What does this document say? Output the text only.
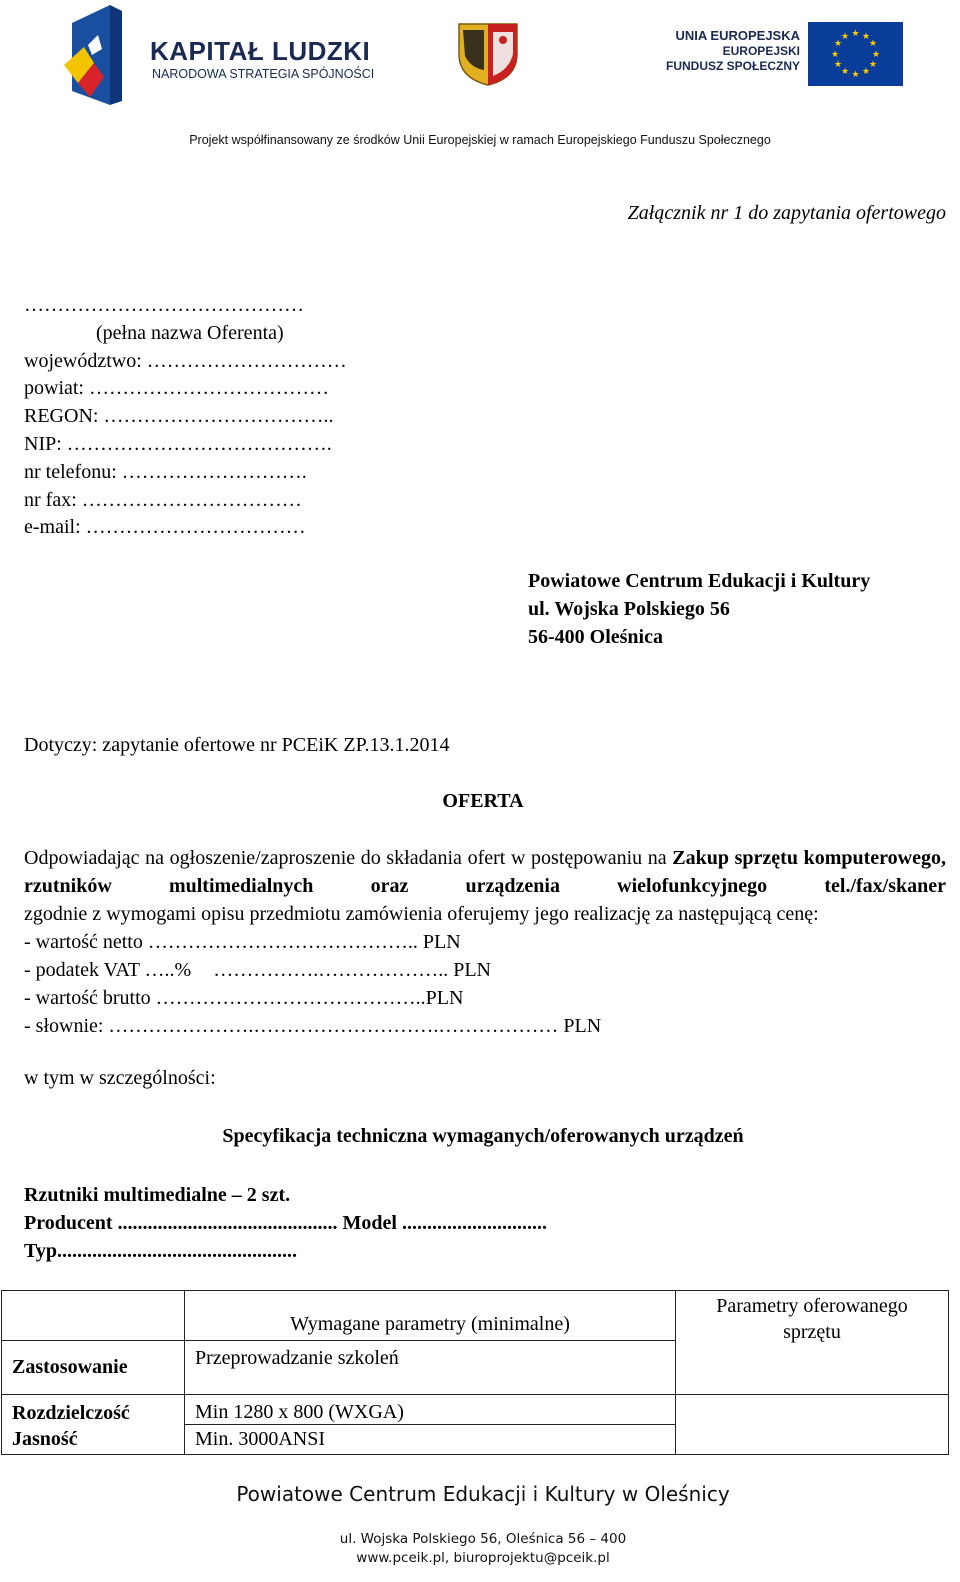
KAPITAŁ LUDZKI
NARODOWA STRATEGIA SPÓJNOŚCI
UNIA EUROPEJSKA
EUROPEJSKI
FUNDUSZ SPOŁECZNY
★ ★
★
★
★
★
★
★
★
★
★
★
Projekt współfinansowany ze środków Unii Europejskiej w ramach Europejskiego Funduszu Społecznego
Załącznik nr 1 do zapytania ofertowego
……………………………………
(pełna nazwa Oferenta)
województwo: …………………………
powiat: ………………………………
REGON: ……………………………..
NIP: ………………………………….
nr telefonu: ……………………….
nr fax: ……………………………
e-mail: ……………………………
Powiatowe Centrum Edukacji i Kultury
ul. Wojska Polskiego 56
56-400 Oleśnica
Dotyczy: zapytanie ofertowe nr PCEiK ZP.13.1.2014
OFERTA
Odpowiadając na ogłoszenie/zaproszenie do składania ofert w postępowaniu na Zakup sprzętu komputerowego, rzutników multimedialnych oraz urządzenia wielofunkcyjnego tel./fax/skaner
zgodnie z wymogami opisu przedmiotu zamówienia oferujemy jego realizację za następującą cenę:
- wartość netto ………………………………….. PLN
- podatek VAT …..% …………….……………….. PLN
- wartość brutto …………………………………..PLN
- słownie: ………………….……………………….……………… PLN
w tym w szczególności:
Specyfikacja techniczna wymaganych/oferowanych urządzeń
Rzutniki multimedialne – 2 szt.
Producent ............................................ Model .............................
Typ................................................
	Wymagane parametry (minimalne)	Parametry oferowanego sprzętu
Zastosowanie	Przeprowadzanie szkoleń	
Rozdzielczość	Min 1280 x 800 (WXGA)	
Jasność	Min. 3000ANSI	
Powiatowe Centrum Edukacji i Kultury w Oleśnicy
ul. Wojska Polskiego 56, Oleśnica 56 – 400
www.pceik.pl, biuroprojektu@pceik.pl
